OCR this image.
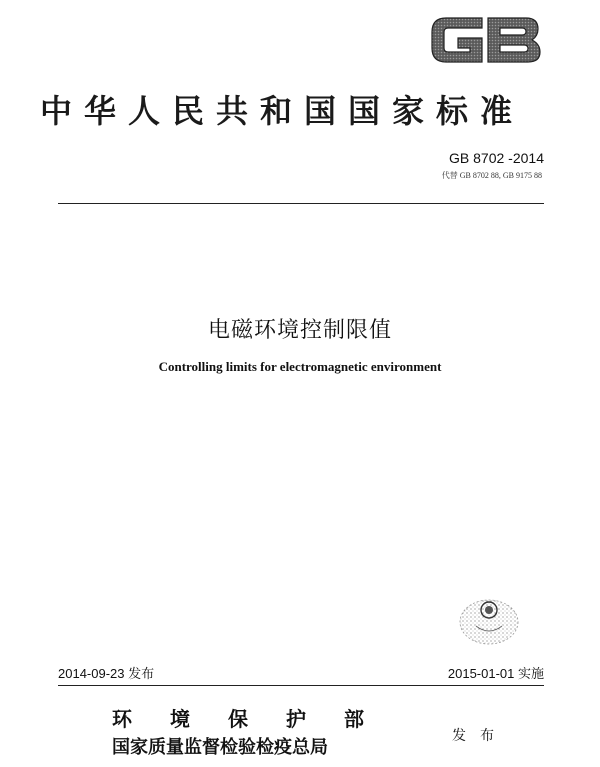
中华人民共和国国家标准
GB 8702 -2014
代替 GB 8702 88, GB 9175 88
电磁环境控制限值
Controlling limits for electromagnetic environment
2014-09-23 发布	2015-01-01 实施
环境保护部
国家质量监督检验检疫总局
发布
